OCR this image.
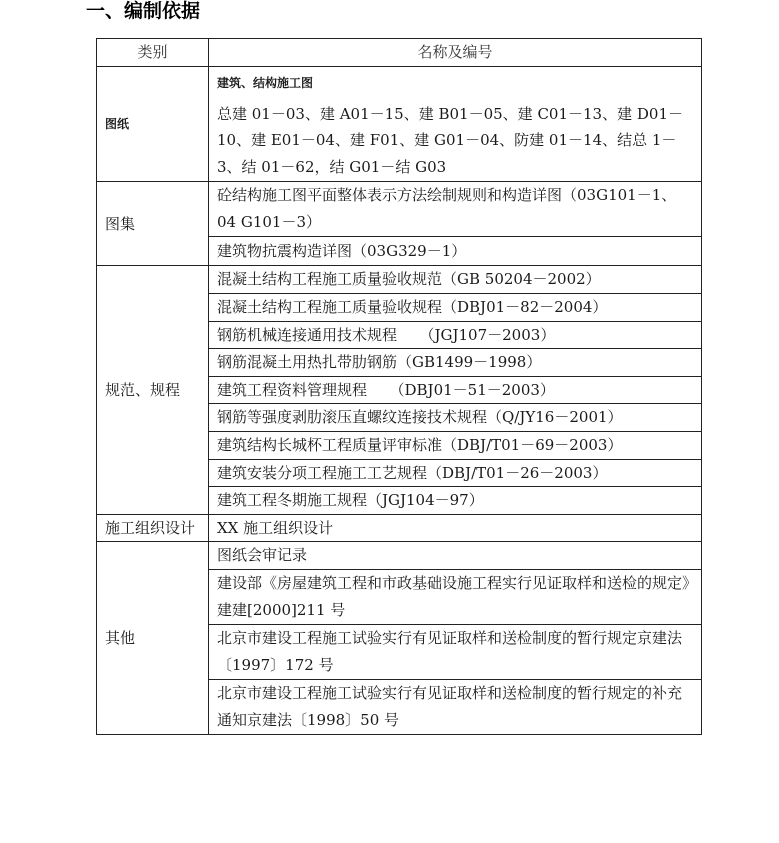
一、编制依据
类别	名称及编号
图纸	建筑、结构施工图
总建 01－03、建 A01－15、建 B01－05、建 C01－13、建 D01－10、建 E01－04、建 F01、建 G01－04、防建 01－14、结总 1－3、结 01－62，结 G01－结 G03

图集	砼结构施工图平面整体表示方法绘制规则和构造详图（03G101－1、04 G101－3）
	建筑物抗震构造详图（03G329－1）
规范、规程	混凝土结构工程施工质量验收规范（GB 50204－2002）
	混凝土结构工程施工质量验收规程（DBJ01－82－2004）
	钢筋机械连接通用技术规程　　（JGJ107－2003）
	钢筋混凝土用热扎带肋钢筋（GB1499－1998）
	建筑工程资料管理规程　　（DBJ01－51－2003）
	钢筋等强度剥肋滚压直螺纹连接技术规程（Q/JY16－2001）
	建筑结构长城杯工程质量评审标准（DBJ/T01－69－2003）
	建筑安装分项工程施工工艺规程（DBJ/T01－26－2003）
	建筑工程冬期施工规程（JGJ104－97）
施工组织设计	XX 施工组织设计
其他	图纸会审记录
	建设部《房屋建筑工程和市政基础设施工程实行见证取样和送检的规定》建建[2000]211 号
	北京市建设工程施工试验实行有见证取样和送检制度的暂行规定京建法〔1997〕172 号
	北京市建设工程施工试验实行有见证取样和送检制度的暂行规定的补充通知京建法〔1998〕50 号
